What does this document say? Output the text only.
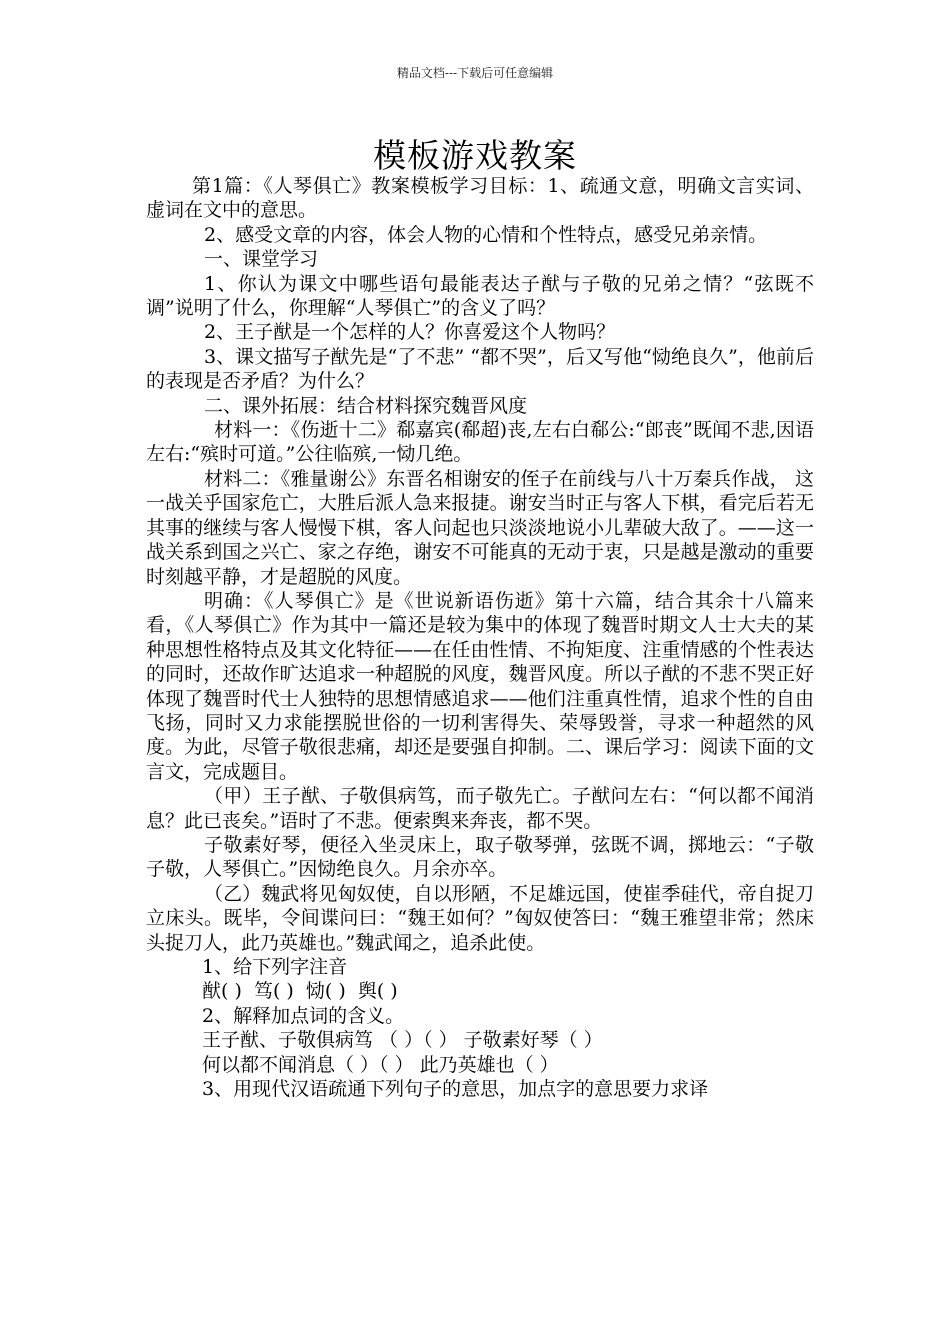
精品文档---下载后可任意编辑
模板游戏教案

第1篇：《人琴俱亡》教案模板学习目标：1、疏通文意，明确文言实词、虚词在文中的意思。

2、感受文章的内容，体会人物的心情和个性特点，感受兄弟亲情。

一、课堂学习

1、你认为课文中哪些语句最能表达子猷与子敬的兄弟之情？“弦既不调”说明了什么，你理解“人琴俱亡”的含义了吗？

2、王子猷是一个怎样的人？你喜爱这个人物吗？

3、课文描写子猷先是“了不悲” “都不哭”，后又写他“恸绝良久”，他前后的表现是否矛盾？为什么？

二、课外拓展：结合材料探究魏晋风度

材料一：《伤逝十二》郗嘉宾(郗超)丧,左右白郗公:“郎丧”既闻不悲,因语左右:“殡时可道。”公往临殡,一恸几绝。

材料二：《雅量谢公》东晋名相谢安的侄子在前线与八十万秦兵作战， 这一战关乎国家危亡，大胜后派人急来报捷。谢安当时正与客人下棋，看完后若无其事的继续与客人慢慢下棋，客人问起也只淡淡地说小儿辈破大敌了。——这一战关系到国之兴亡、家之存绝，谢安不可能真的无动于衷，只是越是激动的重要时刻越平静，才是超脱的风度。

明确：《人琴俱亡》是《世说新语伤逝》第十六篇，结合其余十八篇来看，《人琴俱亡》作为其中一篇还是较为集中的体现了魏晋时期文人士大夫的某种思想性格特点及其文化特征——在任由性情、不拘矩度、注重情感的个性表达的同时，还故作旷达追求一种超脱的风度，魏晋风度。所以子猷的不悲不哭正好体现了魏晋时代士人独特的思想情感追求——他们注重真性情，追求个性的自由飞扬，同时又力求能摆脱世俗的一切利害得失、荣辱毁誉，寻求一种超然的风度。为此，尽管子敬很悲痛，却还是要强自抑制。二、课后学习：阅读下面的文言文，完成题目。

（甲）王子猷、子敬俱病笃，而子敬先亡。子猷问左右：“何以都不闻消息？此已丧矣。”语时了不悲。便索舆来奔丧，都不哭。

子敬素好琴，便径入坐灵床上，取子敬琴弹，弦既不调，掷地云：“子敬子敬，人琴俱亡。”因恸绝良久。月余亦卒。

（乙）魏武将见匈奴使，自以形陋，不足雄远国，使崔季硅代，帝自捉刀立床头。既毕，令间谍问曰：“魏王如何？”匈奴使答曰：“魏王雅望非常；然床头捉刀人，此乃英雄也。”魏武闻之，追杀此使。

1、给下列字注音

猷( )  笃( )  恸( )  舆( )

2、解释加点词的含义。

王子猷、子敬俱病笃 （ ）（ ） 子敬素好琴（ ）

何以都不闻消息（ ）（ ） 此乃英雄也（ ）

3、用现代汉语疏通下列句子的意思，加点字的意思要力求译
